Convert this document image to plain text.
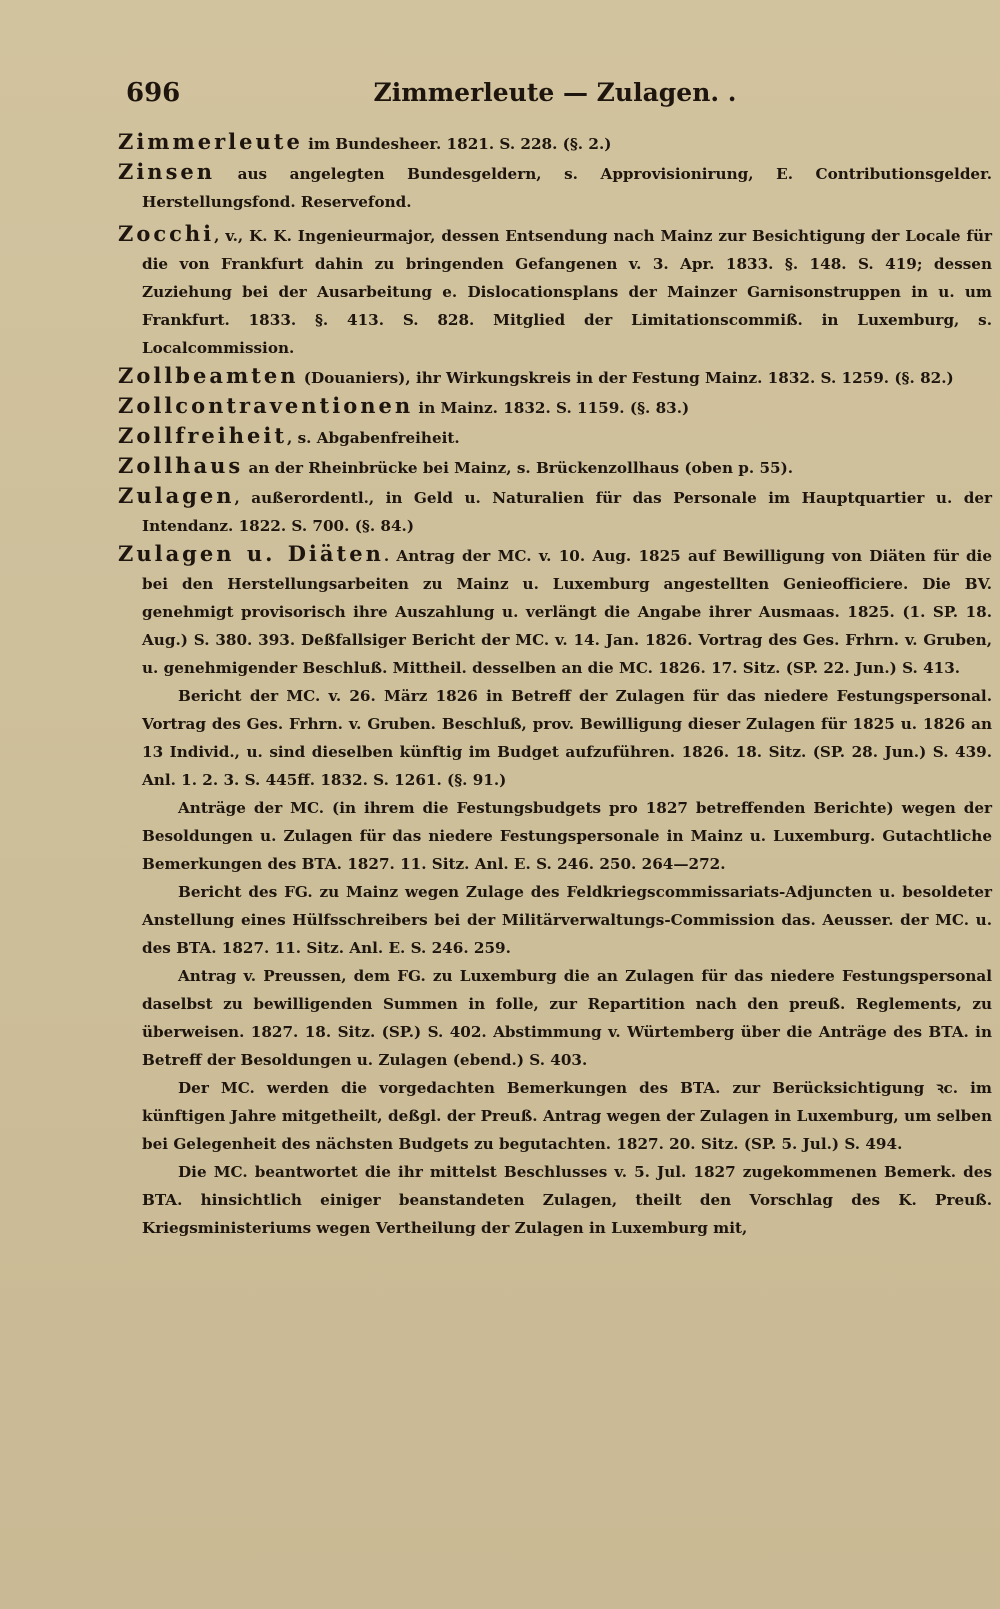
696	Zimmerleute — Zulagen. .

Zimmerleute im Bundesheer. 1821. S. 228. (§. 2.)

Zinsen aus angelegten Bundesgeldern, s. Approvisionirung, E. Contributionsgelder. Herstellungsfond. Reservefond.

Zocchi, v., K. K. Ingenieurmajor, dessen Entsendung nach Mainz zur Besichtigung der Locale für die von Frankfurt dahin zu bringenden Gefangenen v. 3. Apr. 1833. §. 148. S. 419; dessen Zuziehung bei der Ausarbeitung e. Dislocationsplans der Mainzer Garnisonstruppen in u. um Frankfurt. 1833. §. 413. S. 828. Mitglied der Limitationscommiß. in Luxemburg, s. Localcommission.

Zollbeamten (Douaniers), ihr Wirkungskreis in der Festung Mainz. 1832. S. 1259. (§. 82.)

Zollcontraventionen in Mainz. 1832. S. 1159. (§. 83.)

Zollfreiheit, s. Abgabenfreiheit.

Zollhaus an der Rheinbrücke bei Mainz, s. Brückenzollhaus (oben p. 55).

Zulagen, außerordentl., in Geld u. Naturalien für das Personale im Hauptquartier u. der Intendanz. 1822. S. 700. (§. 84.)

Zulagen u. Diäten. Antrag der MC. v. 10. Aug. 1825 auf Bewilligung von Diäten für die bei den Herstellungsarbeiten zu Mainz u. Luxemburg angestellten Genieofficiere. Die BV. genehmigt provisorisch ihre Auszahlung u. verlängt die Angabe ihrer Ausmaas. 1825. (1. SP. 18. Aug.) S. 380. 393. Deßfallsiger Bericht der MC. v. 14. Jan. 1826. Vortrag des Ges. Frhrn. v. Gruben, u. genehmigender Beschluß. Mittheil. desselben an die MC. 1826. 17. Sitz. (SP. 22. Jun.) S. 413.

Bericht der MC. v. 26. März 1826 in Betreff der Zulagen für das niedere Festungspersonal. Vortrag des Ges. Frhrn. v. Gruben. Beschluß, prov. Bewilligung dieser Zulagen für 1825 u. 1826 an 13 Individ., u. sind dieselben künftig im Budget aufzuführen. 1826. 18. Sitz. (SP. 28. Jun.) S. 439. Anl. 1. 2. 3. S. 445ff. 1832. S. 1261. (§. 91.)

Anträge der MC. (in ihrem die Festungsbudgets pro 1827 betreffenden Berichte) wegen der Besoldungen u. Zulagen für das niedere Festungspersonale in Mainz u. Luxemburg. Gutachtliche Bemerkungen des BTA. 1827. 11. Sitz. Anl. E. S. 246. 250. 264—272.

Bericht des FG. zu Mainz wegen Zulage des Feldkriegscommissariats-Adjuncten u. besoldeter Anstellung eines Hülfsschreibers bei der Militärverwaltungs-Commission das. Aeusser. der MC. u. des BTA. 1827. 11. Sitz. Anl. E. S. 246. 259.

Antrag v. Preussen, dem FG. zu Luxemburg die an Zulagen für das niedere Festungspersonal daselbst zu bewilligenden Summen in folle, zur Repartition nach den preuß. Reglements, zu überweisen. 1827. 18. Sitz. (SP.) S. 402. Abstimmung v. Würtemberg über die Anträge des BTA. in Betreff der Besoldungen u. Zulagen (ebend.) S. 403.

Der MC. werden die vorgedachten Bemerkungen des BTA. zur Berücksichtigung ꝛc. im künftigen Jahre mitgetheilt, deßgl. der Preuß. Antrag wegen der Zulagen in Luxemburg, um selben bei Gelegenheit des nächsten Budgets zu begutachten. 1827. 20. Sitz. (SP. 5. Jul.) S. 494.

Die MC. beantwortet die ihr mittelst Beschlusses v. 5. Jul. 1827 zugekommenen Bemerk. des BTA. hinsichtlich einiger beanstandeten Zulagen, theilt den Vorschlag des K. Preuß. Kriegsministeriums wegen Vertheilung der Zulagen in Luxemburg mit,
